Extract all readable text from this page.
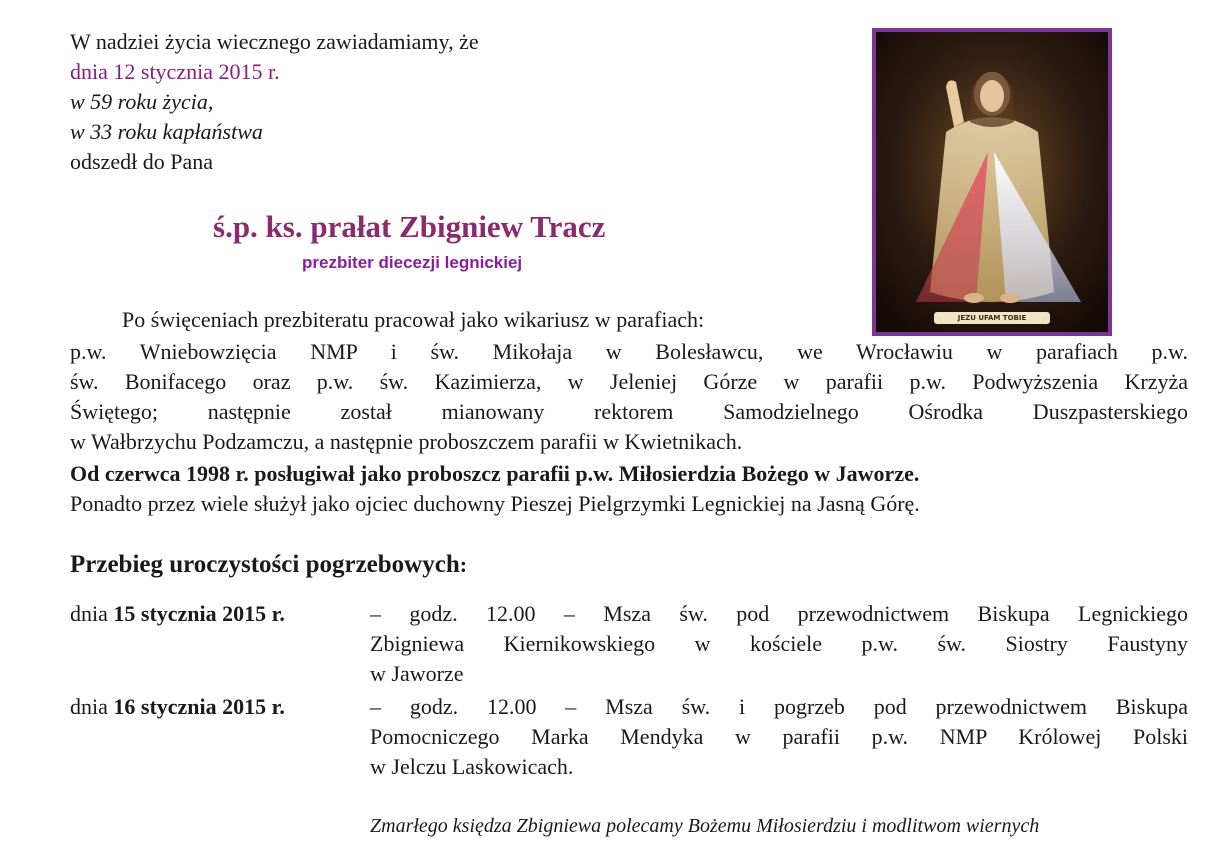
W nadziei życia wiecznego zawiadamiamy, że
dnia 12 stycznia 2015 r.
w 59 roku życia,
w 33 roku kapłaństwa
odszedł do Pana
JEZU UFAM TOBIE
ś.p. ks. prałat Zbigniew Tracz
prezbiter diecezji legnickiej
Po święceniach prezbiteratu pracował jako wikariusz w parafiach:
p.w. Wniebowzięcia NMP i św. Mikołaja w Bolesławcu, we Wrocławiu w parafiach p.w.
św. Bonifacego oraz p.w. św. Kazimierza, w Jeleniej Górze w parafii p.w. Podwyższenia Krzyża
Świętego; następnie został mianowany rektorem Samodzielnego Ośrodka Duszpasterskiego
w Wałbrzychu Podzamczu, a następnie proboszczem parafii w Kwietnikach.
Od czerwca 1998 r. posługiwał jako proboszcz parafii p.w. Miłosierdzia Bożego w Jaworze.
Ponadto przez wiele służył jako ojciec duchowny Pieszej Pielgrzymki Legnickiej na Jasną Górę.
Przebieg uroczystości pogrzebowych:
dnia 15 stycznia 2015 r.	– godz. 12.00 – Msza św. pod przewodnictwem Biskupa Legnickiego
Zbigniewa Kiernikowskiego w kościele p.w. św. Siostry Faustyny
w Jaworze
dnia 16 stycznia 2015 r.	– godz. 12.00 – Msza św. i pogrzeb pod przewodnictwem Biskupa
Pomocniczego Marka Mendyka w parafii p.w. NMP Królowej Polski
w Jelczu Laskowicach.
Zmarłego księdza Zbigniewa polecamy Bożemu Miłosierdziu i modlitwom wiernych
